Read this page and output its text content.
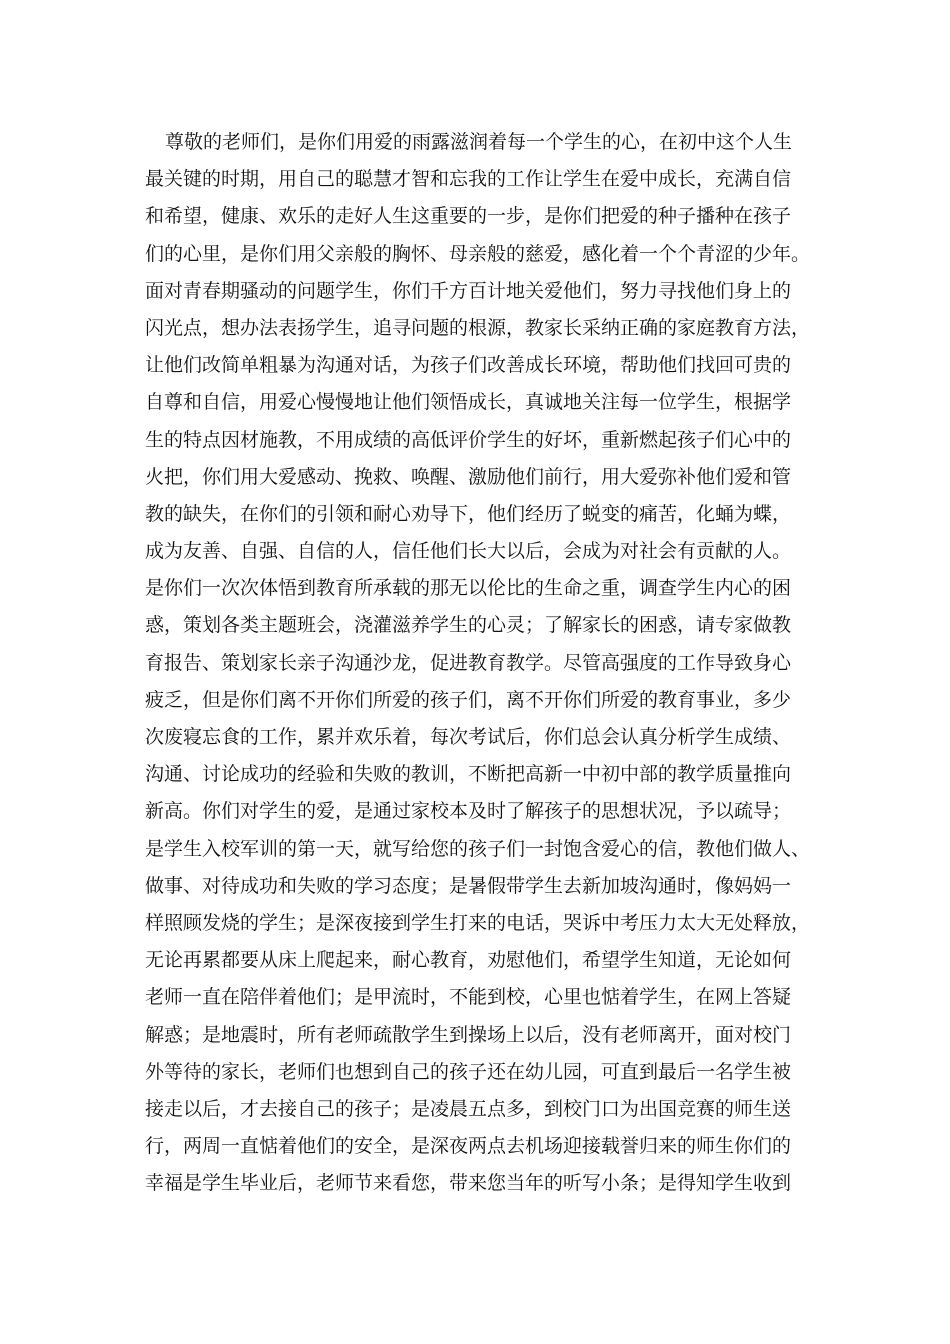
尊敬的老师们，是你们用爱的雨露滋润着每一个学生的心，在初中这个人生
最关键的时期，用自己的聪慧才智和忘我的工作让学生在爱中成长，充满自信
和希望，健康、欢乐的走好人生这重要的一步，是你们把爱的种子播种在孩子
们的心里，是你们用父亲般的胸怀、母亲般的慈爱，感化着一个个青涩的少年。
面对青春期骚动的问题学生，你们千方百计地关爱他们，努力寻找他们身上的
闪光点，想办法表扬学生，追寻问题的根源，教家长采纳正确的家庭教育方法，
让他们改简单粗暴为沟通对话，为孩子们改善成长环境，帮助他们找回可贵的
自尊和自信，用爱心慢慢地让他们领悟成长，真诚地关注每一位学生，根据学
生的特点因材施教，不用成绩的高低评价学生的好坏，重新燃起孩子们心中的
火把，你们用大爱感动、挽救、唤醒、激励他们前行，用大爱弥补他们爱和管
教的缺失，在你们的引领和耐心劝导下，他们经历了蜕变的痛苦，化蛹为蝶，
成为友善、自强、自信的人，信任他们长大以后，会成为对社会有贡献的人。
是你们一次次体悟到教育所承载的那无以伦比的生命之重，调查学生内心的困
惑，策划各类主题班会，浇灌滋养学生的心灵；了解家长的困惑，请专家做教
育报告、策划家长亲子沟通沙龙，促进教育教学。尽管高强度的工作导致身心
疲乏，但是你们离不开你们所爱的孩子们，离不开你们所爱的教育事业，多少
次废寝忘食的工作，累并欢乐着，每次考试后，你们总会认真分析学生成绩、
沟通、讨论成功的经验和失败的教训，不断把高新一中初中部的教学质量推向
新高。你们对学生的爱，是通过家校本及时了解孩子的思想状况，予以疏导；
是学生入校军训的第一天，就写给您的孩子们一封饱含爱心的信，教他们做人、
做事、对待成功和失败的学习态度；是暑假带学生去新加坡沟通时，像妈妈一
样照顾发烧的学生；是深夜接到学生打来的电话，哭诉中考压力太大无处释放，
无论再累都要从床上爬起来，耐心教育，劝慰他们，希望学生知道，无论如何
老师一直在陪伴着他们；是甲流时，不能到校，心里也惦着学生，在网上答疑
解惑；是地震时，所有老师疏散学生到操场上以后，没有老师离开，面对校门
外等待的家长，老师们也想到自己的孩子还在幼儿园，可直到最后一名学生被
接走以后，才去接自己的孩子；是凌晨五点多，到校门口为出国竞赛的师生送
行，两周一直惦着他们的安全，是深夜两点去机场迎接载誉归来的师生你们的
幸福是学生毕业后，老师节来看您，带来您当年的听写小条；是得知学生收到
